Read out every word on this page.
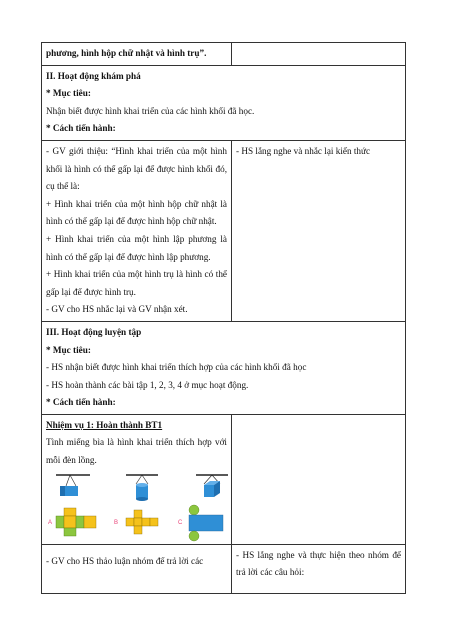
phương, hình hộp chữ nhật và hình trụ”.	

II. Hoạt động khám phá
* Mục tiêu:
Nhận biết được hình khai triển của các hình khối đã học.
* Cách tiến hành:	

- GV giới thiệu: “Hình khai triển của một hình khối là hình có thể gấp lại để được hình khối đó, cụ thể là:
+ Hình khai triển của một hình hộp chữ nhật là hình có thể gấp lại để được hình hộp chữ nhật.
+ Hình khai triển của một hình lập phương là hình có thể gấp lại để được hình lập phương.
+ Hình khai triển của một hình trụ là hình có thể gấp lại để được hình trụ.
- GV cho HS nhắc lại và GV nhận xét.	- HS lắng nghe và nhắc lại kiến thức

III. Hoạt động luyện tập
* Mục tiêu:
- HS nhận biết được hình khai triển thích hợp của các hình khối đã học
- HS hoàn thành các bài tập 1, 2, 3, 4 ở mục hoạt động.
* Cách tiến hành:	

Nhiệm vụ 1: Hoàn thành BT1
Tình miếng bìa là hình khai triển thích hợp với mỗi đèn lồng.
A B C	

- GV cho HS thảo luận nhóm để trả lời các	- HS lắng nghe và thực hiện theo nhóm để trả lời các câu hỏi:
